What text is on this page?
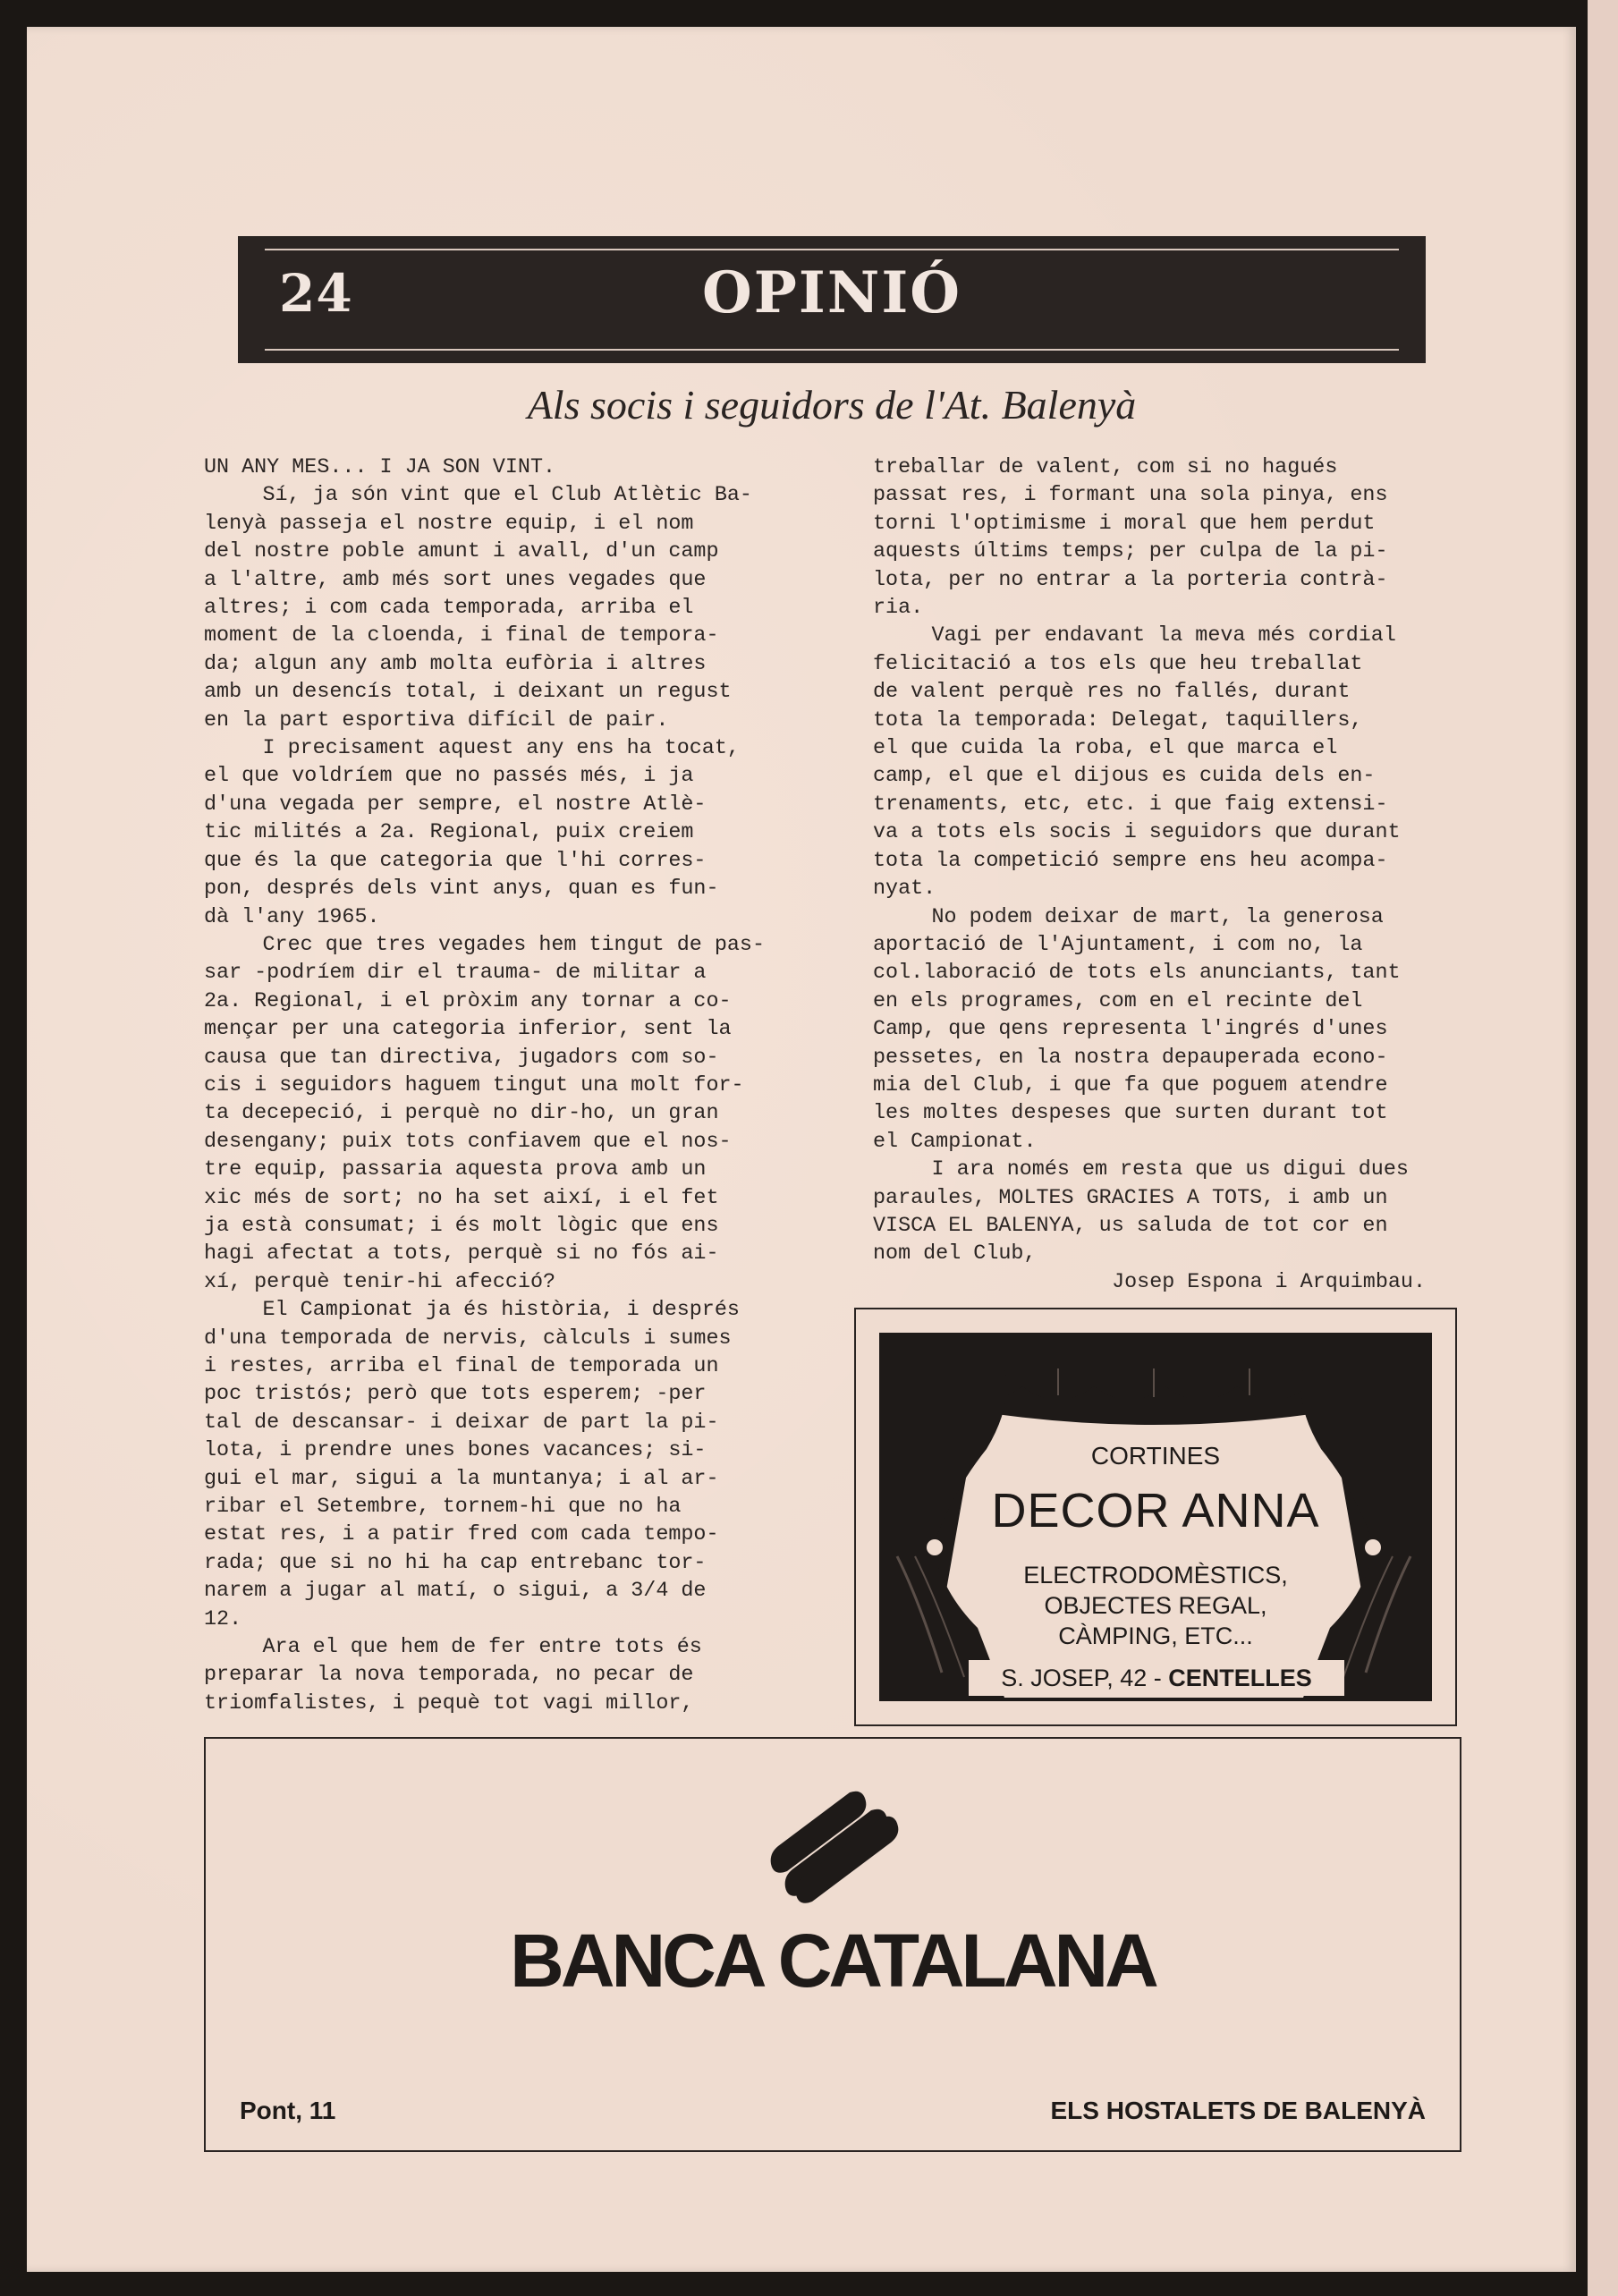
24	OPINIÓ
Als socis i seguidors de l'At. Balenyà

UN ANY MES... I JA SON VINT.

Sí, ja són vint que el Club Atlètic Ba-

lenyà passeja el nostre equip, i el nom

del nostre poble amunt i avall, d'un camp

a l'altre, amb més sort unes vegades que

altres; i com cada temporada, arriba el

moment de la cloenda, i final de tempora-

da; algun any amb molta eufòria i altres

amb un desencís total, i deixant un regust

en la part esportiva difícil de pair.

I precisament aquest any ens ha tocat,

el que voldríem que no passés més, i ja

d'una vegada per sempre, el nostre Atlè-

tic milités a 2a. Regional, puix creiem

que és la que categoria que l'hi corres-

pon, després dels vint anys, quan es fun-

dà l'any 1965.

Crec que tres vegades hem tingut de pas-

sar -podríem dir el trauma- de militar a

2a. Regional, i el pròxim any tornar a co-

mençar per una categoria inferior, sent la

causa que tan directiva, jugadors com so-

cis i seguidors haguem tingut una molt for-

ta decepeció, i perquè no dir-ho, un gran

desengany; puix tots confiavem que el nos-

tre equip, passaria aquesta prova amb un

xic més de sort; no ha set així, i el fet

ja està consumat; i és molt lògic que ens

hagi afectat a tots, perquè si no fós ai-

xí, perquè tenir-hi afecció?

El Campionat ja és història, i després

d'una temporada de nervis, càlculs i sumes

i restes, arriba el final de temporada un

poc tristós; però que tots esperem; -per

tal de descansar- i deixar de part la pi-

lota, i prendre unes bones vacances; si-

gui el mar, sigui a la muntanya; i al ar-

ribar el Setembre, tornem-hi que no ha

estat res, i a patir fred com cada tempo-

rada; que si no hi ha cap entrebanc tor-

narem a jugar al matí, o sigui, a 3/4 de

12.

Ara el que hem de fer entre tots és

preparar la nova temporada, no pecar de

triomfalistes, i pequè tot vagi millor,

treballar de valent, com si no hagués

passat res, i formant una sola pinya, ens

torni l'optimisme i moral que hem perdut

aquests últims temps; per culpa de la pi-

lota, per no entrar a la porteria contrà-

ria.

Vagi per endavant la meva més cordial

felicitació a tos els que heu treballat

de valent perquè res no fallés, durant

tota la temporada: Delegat, taquillers,

el que cuida la roba, el que marca el

camp, el que el dijous es cuida dels en-

trenaments, etc, etc. i que faig extensi-

va a tots els socis i seguidors que durant

tota la competició sempre ens heu acompa-

nyat.

No podem deixar de mart, la generosa

aportació de l'Ajuntament, i com no, la

col.laboració de tots els anunciants, tant

en els programes, com en el recinte del

Camp, que qens representa l'ingrés d'unes

pessetes, en la nostra depauperada econo-

mia del Club, i que fa que poguem atendre

les moltes despeses que surten durant tot

el Campionat.

I ara només em resta que us digui dues

paraules, MOLTES GRACIES A TOTS, i amb un

VISCA EL BALENYA, us saluda de tot cor en

nom del Club,

Josep Espona i Arquimbau.

CORTINES
DECOR ANNA
ELECTRODOMÈSTICS,
OBJECTES REGAL,
CÀMPING, ETC...
S. JOSEP, 42 - CENTELLES
BANCA CATALANA
Pont, 11	ELS HOSTALETS DE BALENYÀ
